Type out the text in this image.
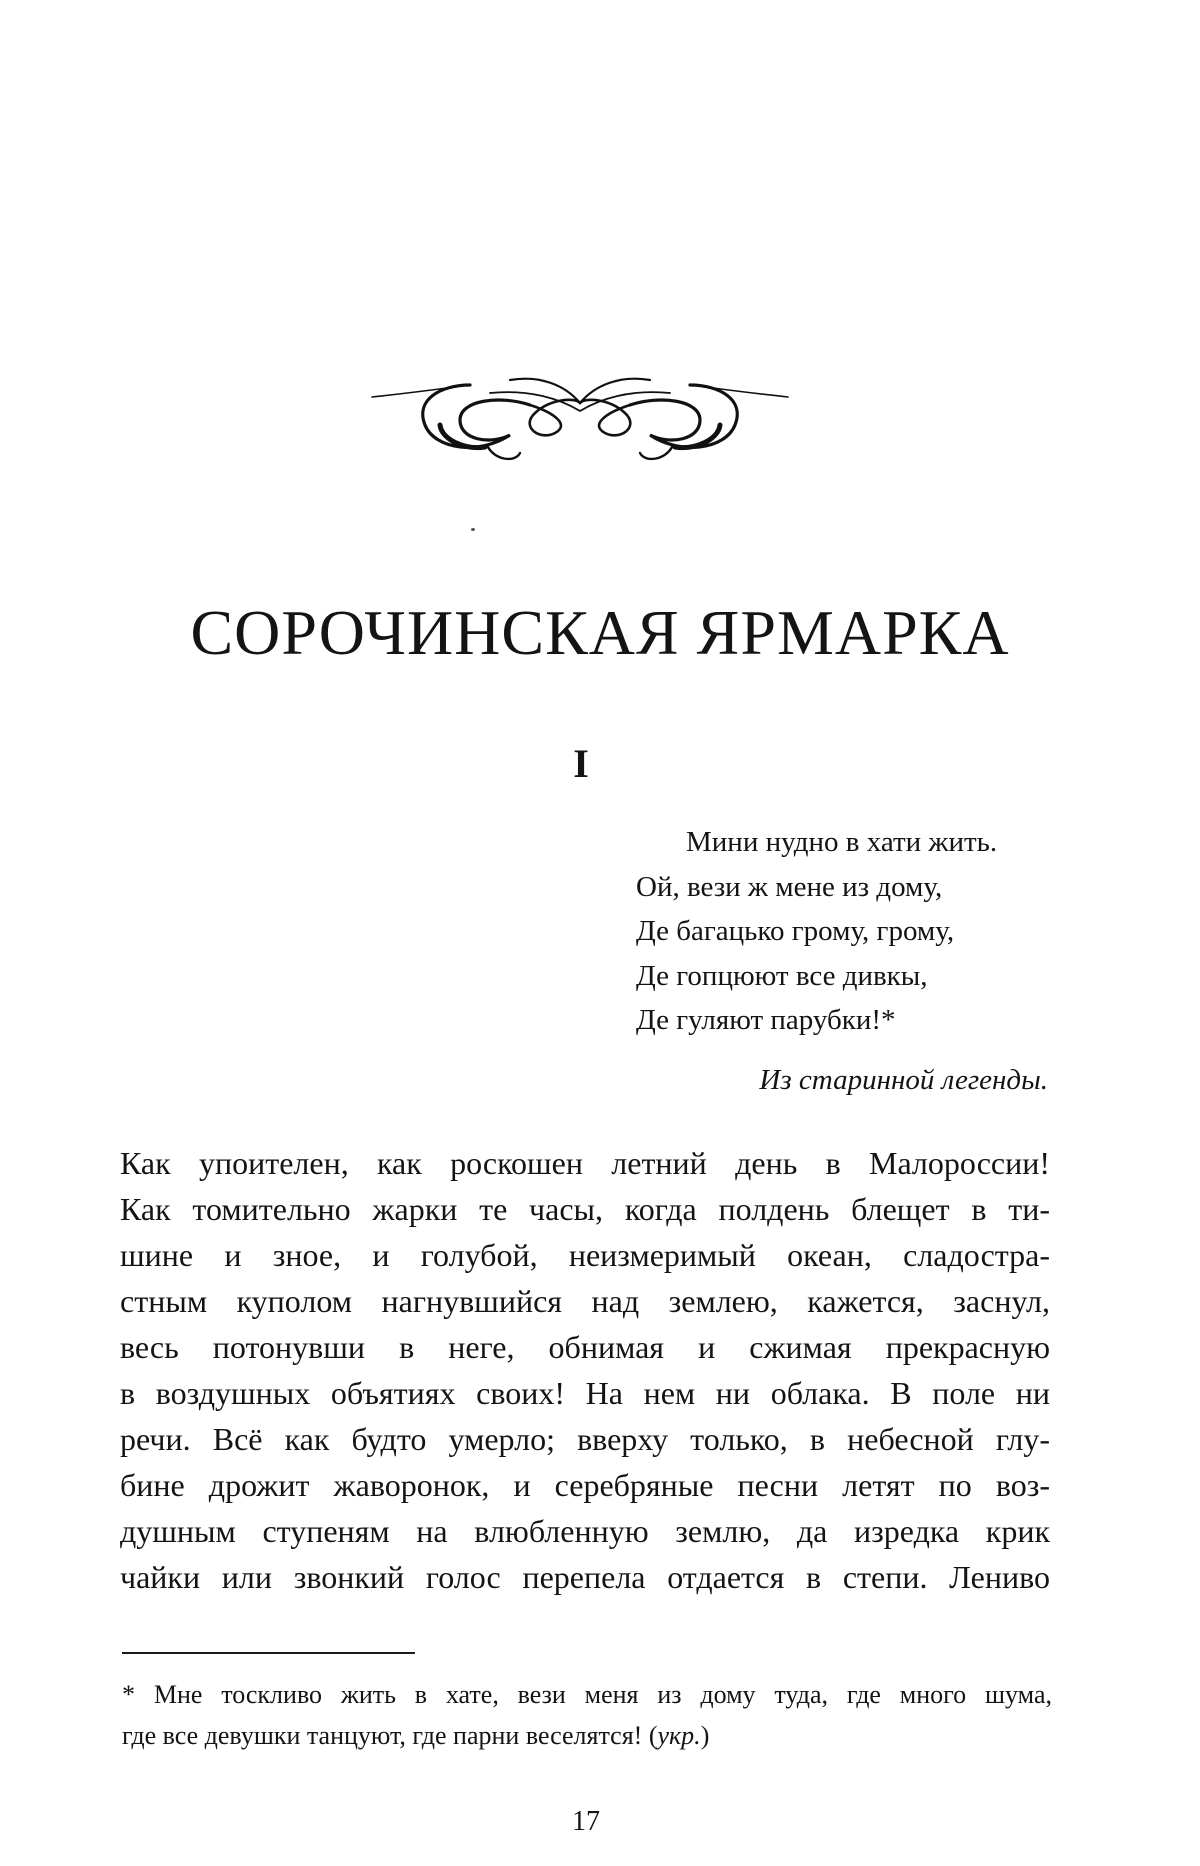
СОРОЧИНСКАЯ ЯРМАРКА
I
Мини нудно в хати жить.
Ой, вези ж мене из дому,
Де багацько грому, грому,
Де гопцюют все дивкы,
Де гуляют парубки!*
Из старинной легенды.
Как упоителен, как роскошен летний день в Малороссии!
Как томительно жарки те часы, когда полдень блещет в ти-
шине и зное, и голубой, неизмеримый океан, сладостра-
стным куполом нагнувшийся над землею, кажется, заснул,
весь потонувши в неге, обнимая и сжимая прекрасную
в воздушных объятиях своих! На нем ни облака. В поле ни
речи. Всё как будто умерло; вверху только, в небесной глу-
бине дрожит жаворонок, и серебряные песни летят по воз-
душным ступеням на влюбленную землю, да изредка крик
чайки или звонкий голос перепела отдается в степи. Лениво
* Мне тоскливо жить в хате, вези меня из дому туда, где много шума,
где все девушки танцуют, где парни веселятся! (укр.)
17
